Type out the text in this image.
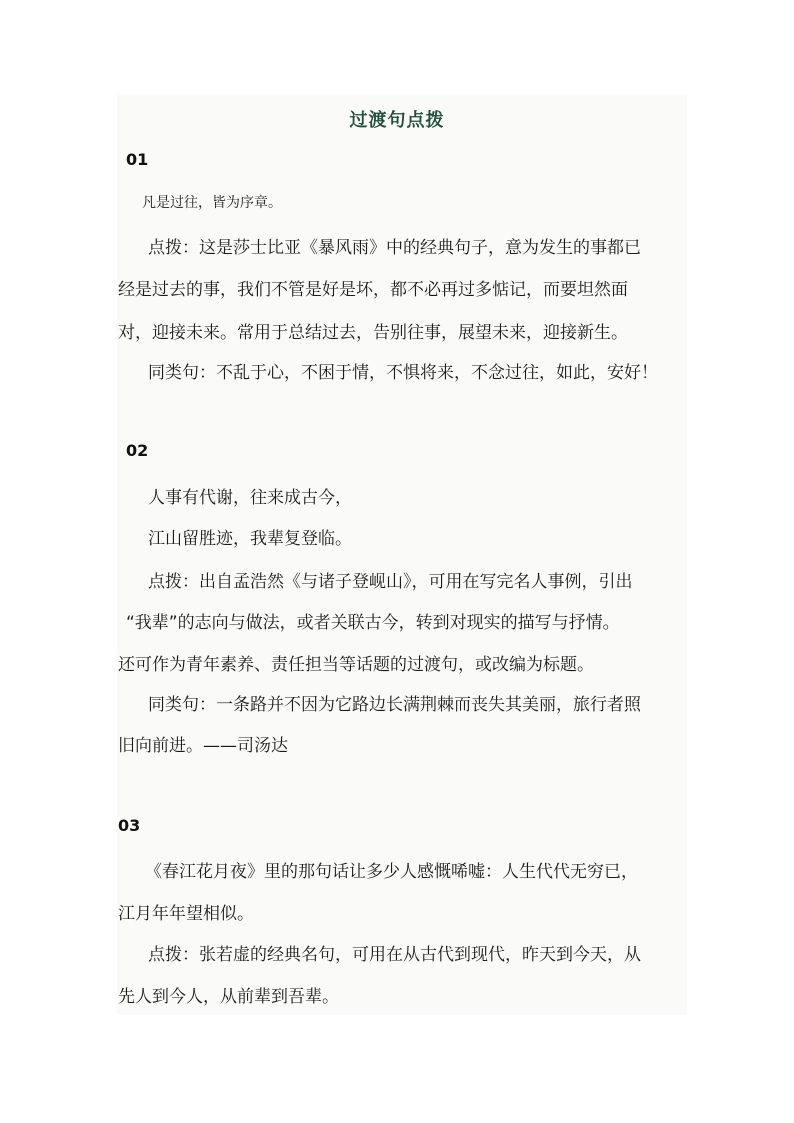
过渡句点拨
01
凡是过往，皆为序章。
点拨：这是莎士比亚《暴风雨》中的经典句子，意为发生的事都已
经是过去的事，我们不管是好是坏，都不必再过多惦记，而要坦然面
对，迎接未来。常用于总结过去，告别往事，展望未来，迎接新生。
同类句：不乱于心，不困于情，不惧将来，不念过往，如此，安好！
02
人事有代谢，往来成古今，
江山留胜迹，我辈复登临。
点拨：出自孟浩然《与诸子登岘山》，可用在写完名人事例，引出
“我辈”的志向与做法，或者关联古今，转到对现实的描写与抒情。
还可作为青年素养、责任担当等话题的过渡句，或改编为标题。
同类句：一条路并不因为它路边长满荆棘而丧失其美丽，旅行者照
旧向前进。——司汤达
03
《春江花月夜》里的那句话让多少人感慨唏嘘：人生代代无穷已，
江月年年望相似。
点拨：张若虚的经典名句，可用在从古代到现代，昨天到今天，从
先人到今人，从前辈到吾辈。
